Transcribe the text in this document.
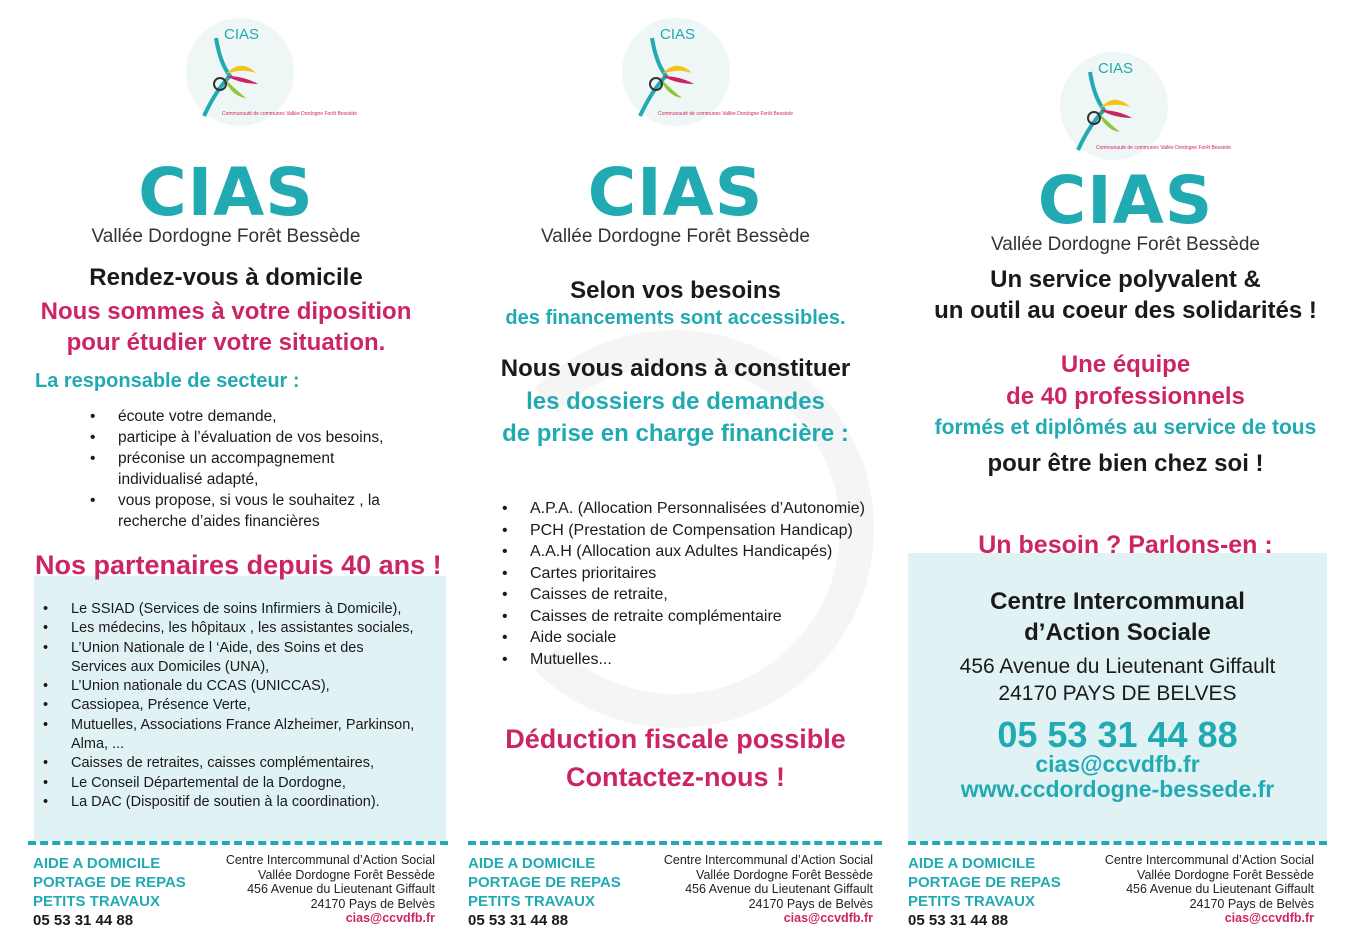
CIAS
Communauté de communes Vallée Dordogne Forêt Bessède
CIAS
Vallée Dordogne Forêt Bessède
Rendez-vous à domicile
Nous sommes à votre diposition
pour étudier votre situation.
La responsable de secteur :
• écoute votre demande,
• participe à l’évaluation de vos besoins,
• préconise un accompagnement individualisé adapté,
• vous propose, si vous le souhaitez , la recherche d’aides financières
Nos partenaires depuis 40 ans !
• Le SSIAD (Services de soins Infirmiers à Domicile),
• Les médecins, les hôpitaux , les assistantes sociales,
• L’Union Nationale de l ‘Aide, des Soins et des Services aux Domiciles (UNA),
• L’Union nationale du CCAS (UNICCAS),
• Cassiopea, Présence Verte,
• Mutuelles, Associations France Alzheimer, Parkinson, Alma, ...
• Caisses de retraites, caisses complémentaires,
• Le Conseil Départemental de la Dordogne,
• La DAC (Dispositif de soutien à la coordination).
AIDE A DOMICILE
PORTAGE DE REPAS
PETITS TRAVAUX
05 53 31 44 88
Centre Intercommunal d’Action Social
Vallée Dordogne Forêt Bessède
456 Avenue du Lieutenant Giffault
24170 Pays de Belvès
cias@ccvdfb.fr
CIAS
Communauté de communes Vallée Dordogne Forêt Bessède
CIAS
Vallée Dordogne Forêt Bessède
Selon vos besoins
des financements sont accessibles.
Nous vous aidons à constituer
les dossiers de demandes
de prise en charge financière :
• A.P.A. (Allocation Personnalisées d’Autonomie)
• PCH (Prestation de Compensation Handicap)
• A.A.H (Allocation aux Adultes Handicapés)
• Cartes prioritaires
• Caisses de retraite,
• Caisses de retraite complémentaire
• Aide sociale
• Mutuelles...
Déduction fiscale possible
Contactez-nous !
AIDE A DOMICILE
PORTAGE DE REPAS
PETITS TRAVAUX
05 53 31 44 88
Centre Intercommunal d’Action Social
Vallée Dordogne Forêt Bessède
456 Avenue du Lieutenant Giffault
24170 Pays de Belvès
cias@ccvdfb.fr
CIAS
Communauté de communes Vallée Dordogne Forêt Bessède
CIAS
Vallée Dordogne Forêt Bessède
Un service polyvalent &
un outil au coeur des solidarités !
Une équipe
de 40 professionnels
formés et diplômés au service de tous
pour être bien chez soi !
Un besoin ? Parlons-en :
Centre Intercommunal
d’Action Sociale
456 Avenue du Lieutenant Giffault
24170 PAYS DE BELVES
05 53 31 44 88
cias@ccvdfb.fr
www.ccdordogne-bessede.fr
AIDE A DOMICILE
PORTAGE DE REPAS
PETITS TRAVAUX
05 53 31 44 88
Centre Intercommunal d’Action Social
Vallée Dordogne Forêt Bessède
456 Avenue du Lieutenant Giffault
24170 Pays de Belvès
cias@ccvdfb.fr
